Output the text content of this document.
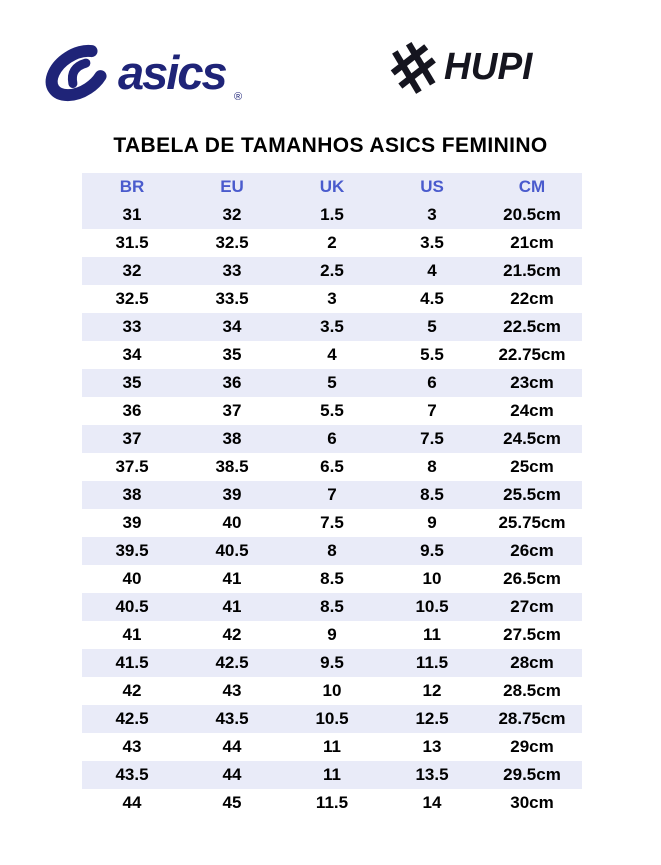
asics ®
HUPI
TABELA DE TAMANHOS ASICS FEMININO
BR	EU	UK	US	CM
31	32	1.5	3	20.5cm
31.5	32.5	2	3.5	21cm
32	33	2.5	4	21.5cm
32.5	33.5	3	4.5	22cm
33	34	3.5	5	22.5cm
34	35	4	5.5	22.75cm
35	36	5	6	23cm
36	37	5.5	7	24cm
37	38	6	7.5	24.5cm
37.5	38.5	6.5	8	25cm
38	39	7	8.5	25.5cm
39	40	7.5	9	25.75cm
39.5	40.5	8	9.5	26cm
40	41	8.5	10	26.5cm
40.5	41	8.5	10.5	27cm
41	42	9	11	27.5cm
41.5	42.5	9.5	11.5	28cm
42	43	10	12	28.5cm
42.5	43.5	10.5	12.5	28.75cm
43	44	11	13	29cm
43.5	44	11	13.5	29.5cm
44	45	11.5	14	30cm
